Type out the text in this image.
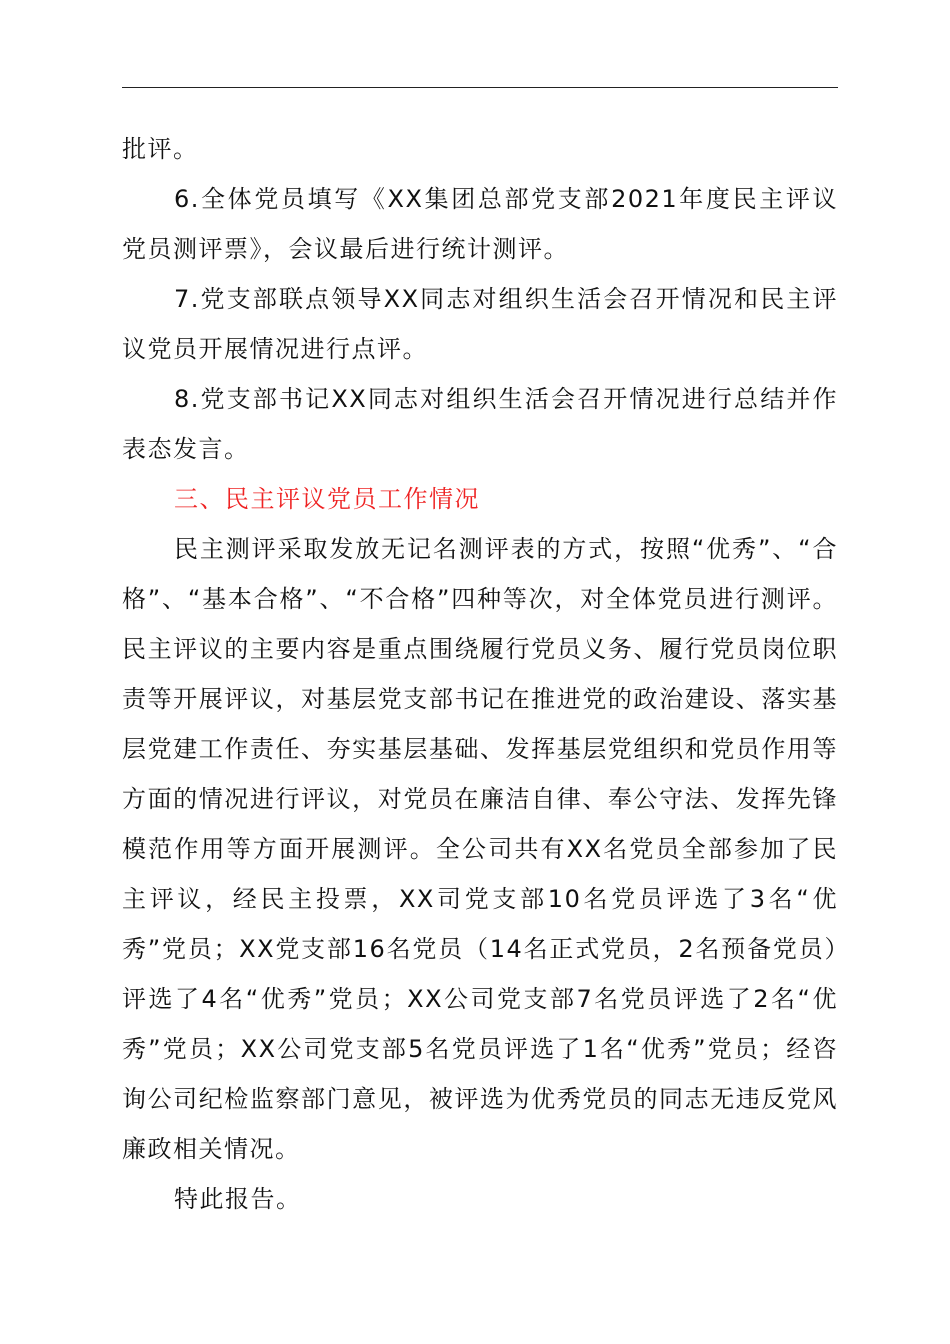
批评。

6.全体党员填写《XX集团总部党支部2021年度民主评议党员测评票》，会议最后进行统计测评。

7.党支部联点领导XX同志对组织生活会召开情况和民主评议党员开展情况进行点评。

8.党支部书记XX同志对组织生活会召开情况进行总结并作表态发言。

三、民主评议党员工作情况

民主测评采取发放无记名测评表的方式，按照“优秀”、“合格”、“基本合格”、“不合格”四种等次，对全体党员进行测评。民主评议的主要内容是重点围绕履行党员义务、履行党员岗位职责等开展评议，对基层党支部书记在推进党的政治建设、落实基层党建工作责任、夯实基层基础、发挥基层党组织和党员作用等方面的情况进行评议，对党员在廉洁自律、奉公守法、发挥先锋模范作用等方面开展测评。全公司共有XX名党员全部参加了民主评议，经民主投票，XX司党支部10名党员评选了3名“优秀”党员；XX党支部16名党员（14名正式党员，2名预备党员）评选了4名“优秀”党员；XX公司党支部7名党员评选了2名“优秀”党员；XX公司党支部5名党员评选了1名“优秀”党员；经咨询公司纪检监察部门意见，被评选为优秀党员的同志无违反党风廉政相关情况。

特此报告。
